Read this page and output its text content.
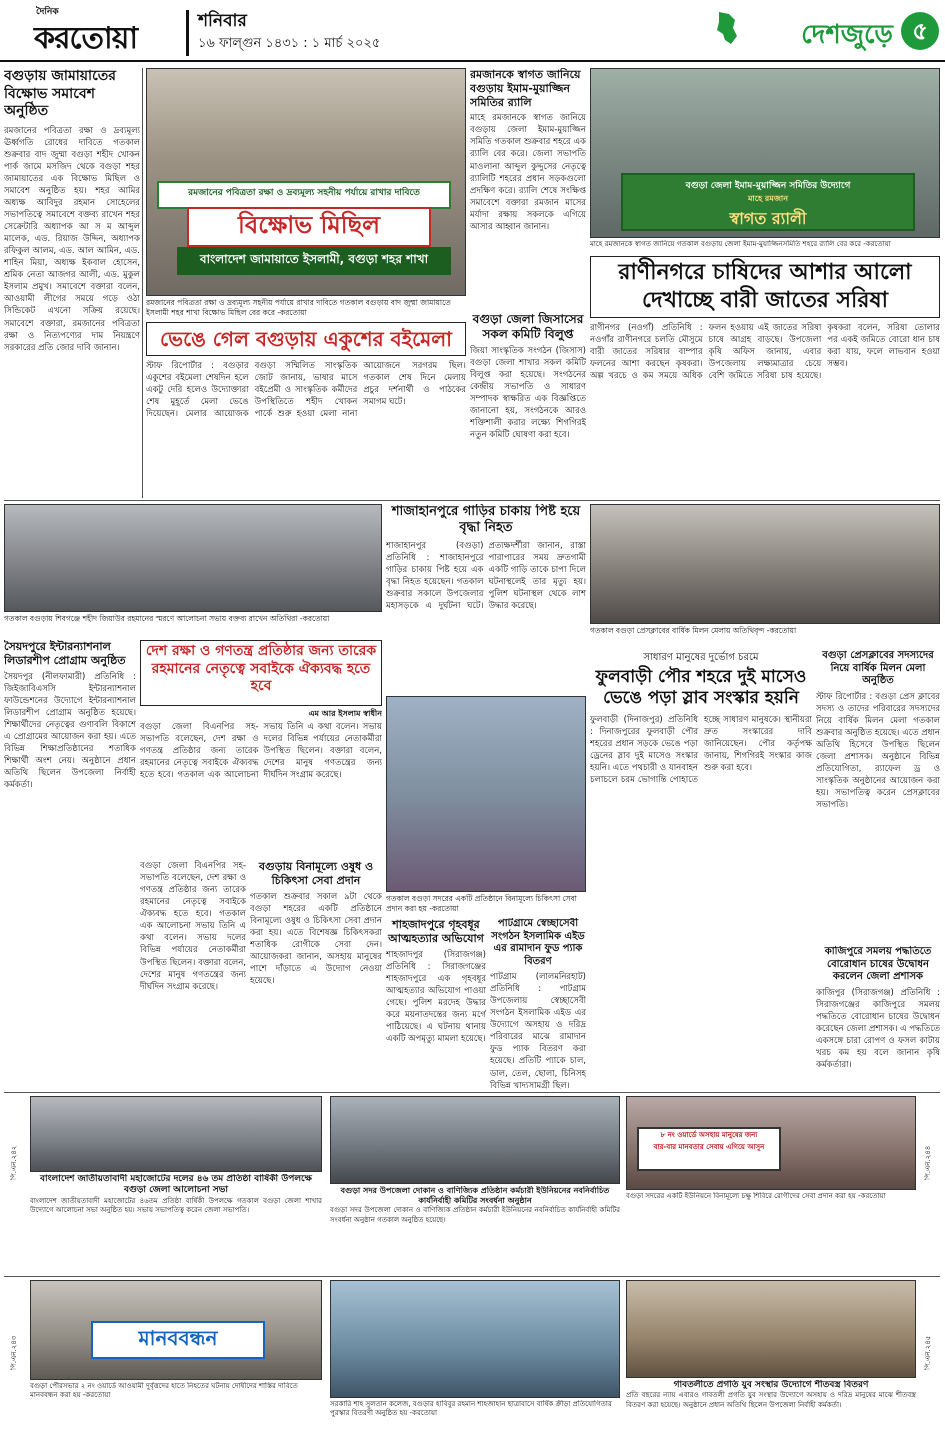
দৈনিক
করতোয়া	শনিবার
১৬ ফাল্গুন ১৪৩১ : ১ মার্চ ২০২৫	দেশজুড়ে ৫
বগুড়ায় জামায়াতের বিক্ষোভ সমাবেশ অনুষ্ঠিত
রমজানের পবিত্রতা রক্ষা ও দ্রব্যমূল্য ঊর্ধ্বগতি রোধের দাবিতে গতকাল শুক্রবার বাদ জুম্মা বগুড়া শহীদ খোকন পার্ক জামে মসজিদ থেকে বগুড়া শহর জামায়াতের এক বিক্ষোভ মিছিল ও সমাবেশ অনুষ্ঠিত হয়। শহর আমির অধ্যক্ষ আবিদুর রহমান সোহেলের সভাপতিত্বে সমাবেশে বক্তব্য রাখেন শহর সেক্রেটারি অধ্যাপক আ স ম আব্দুল মালেক, এড. রিয়াজ উদ্দিন, অধ্যাপক রফিকুল আলম, এড. আল আমিন, এড. শাহিন মিয়া, অধ্যক্ষ ইকবাল হোসেন, শ্রমিক নেতা আজগর আলী, এড. মুকুল ইসলাম প্রমুখ। সমাবেশে বক্তারা বলেন, আওয়ামী লীগের সময়ে গড়ে ওঠা সিন্ডিকেট এখনো সক্রিয় রয়েছে। সমাবেশে বক্তারা, রমজানের পবিত্রতা রক্ষা ও নিত্যপণ্যের দাম নিয়ন্ত্রণে সরকারের প্রতি জোর দাবি জানান।
রমজানের পবিত্রতা রক্ষা ও দ্রব্যমূল্য সহনীয় পর্যায়ে রাখার দাবিতে
বিক্ষোভ মিছিল
বাংলাদেশ জামায়াতে ইসলামী, বগুড়া শহর শাখা
রমজানের পবিত্রতা রক্ষা ও দ্রব্যমূল্য সহনীয় পর্যায়ে রাখার দাবিতে গতকাল বগুড়ায় বাদ জুম্মা জামায়াতে ইসলামী শহর শাখা বিক্ষোভ মিছিল বের করে -করতোয়া
রমজানকে স্বাগত জানিয়ে বগুড়ায় ইমাম-মুয়াজ্জিন সমিতির র‌্যালি
মাহে রমজানকে স্বাগত জানিয়ে বগুড়ায় জেলা ইমাম-মুয়াজ্জিন সমিতি গতকাল শুক্রবার শহরে এক র‌্যালি বের করে। জেলা সভাপতি মাওলানা আব্দুল কুদ্দুসের নেতৃত্বে র‌্যালিটি শহরের প্রধান সড়কগুলো প্রদক্ষিণ করে। র‌্যালি শেষে সংক্ষিপ্ত সমাবেশে বক্তারা রমজান মাসের মর্যাদা রক্ষায় সকলকে এগিয়ে আসার আহ্বান জানান।
বগুড়া জেলা ইমাম-মুয়াজ্জিন সমিতির উদ্যোগে
মাহে রমজান
স্বাগত র‌্যালী
মাহে রমজানকে স্বাগত জানিয়ে গতকাল বগুড়ায় জেলা ইমাম-মুয়াজ্জিনসমিতি শহরে র‌্যালি বের করে -করতোয়া
রাণীনগরে চাষিদের আশার আলো দেখাচ্ছে বারী জাতের সরিষা
রাণীনগর (নওগাঁ) প্রতিনিধি : নওগাঁর রাণীনগরে চলতি মৌসুমে বারী জাতের সরিষার বাম্পার ফলনের আশা করছেন কৃষকরা। অল্প খরচে ও কম সময়ে অধিক ফলন হওয়ায় এই জাতের সরিষা চাষে আগ্রহ বাড়ছে। উপজেলা কৃষি অফিস জানায়, এবার উপজেলায় লক্ষ্যমাত্রার চেয়ে বেশি জমিতে সরিষা চাষ হয়েছে। কৃষকরা বলেন, সরিষা তোলার পর একই জমিতে বোরো ধান চাষ করা যায়, ফলে লাভবান হওয়া সম্ভব।
ভেঙে গেল বগুড়ায় একুশের বইমেলা
স্টাফ রিপোর্টার : বগুড়ার একুশের বইমেলা শেষদিন হলে একটু দেরি হলেও উদ্যোক্তারা শেষ মুহূর্তে মেলা ভেঙে দিয়েছেন। মেলার আয়োজক বগুড়া সম্মিলিত সাংস্কৃতিক জোট জানায়, ভাষার মাসে বইপ্রেমী ও সাংস্কৃতিক কর্মীদের উপস্থিতিতে শহীদ খোকন পার্কে শুরু হওয়া মেলা নানা আয়োজনে সরগরম ছিল। গতকাল শেষ দিনে মেলায় প্রচুর দর্শনার্থী ও পাঠকের সমাগম ঘটে।
বগুড়া জেলা জিসাসের সকল কমিটি বিলুপ্ত
জিয়া সাংস্কৃতিক সংগঠন (জিসাস) বগুড়া জেলা শাখার সকল কমিটি বিলুপ্ত করা হয়েছে। সংগঠনের কেন্দ্রীয় সভাপতি ও সাধারণ সম্পাদক স্বাক্ষরিত এক বিজ্ঞপ্তিতে জানানো হয়, সংগঠনকে আরও শক্তিশালী করার লক্ষ্যে শিগগিরই নতুন কমিটি ঘোষণা করা হবে।
গতকাল বগুড়ায় শিবগঞ্জে শহীদ জিয়াউর রহমানের স্মরণে আলোচনা সভায় বক্তব্য রাখেন অতিথিরা -করতোয়া
শাজাহানপুরে গাড়ির চাকায় পিষ্ট হয়ে বৃদ্ধা নিহত
শাজাহানপুর (বগুড়া) প্রতিনিধি : শাজাহানপুরে গাড়ির চাকায় পিষ্ট হয়ে এক বৃদ্ধা নিহত হয়েছেন। গতকাল শুক্রবার সকালে উপজেলার মহাসড়কে এ দুর্ঘটনা ঘটে। প্রত্যক্ষদর্শীরা জানান, রাস্তা পারাপারের সময় দ্রুতগামী একটি গাড়ি তাকে চাপা দিলে ঘটনাস্থলেই তার মৃত্যু হয়। পুলিশ ঘটনাস্থল থেকে লাশ উদ্ধার করেছে।
গতকাল বগুড়া প্রেসক্লাবের বার্ষিক মিলন মেলায় অতিথিবৃন্দ -করতোয়া
সৈয়দপুরে ইন্টারন্যাশনাল লিডারশীপ প্রোগ্রাম অনুষ্ঠিত
সৈয়দপুর (নীলফামারী) প্রতিনিধি : জিইজাবিএসসি ইন্টারন্যাশনাল ফাউন্ডেশনের উদ্যোগে ইন্টারন্যাশনাল লিডারশীপ প্রোগ্রাম অনুষ্ঠিত হয়েছে। শিক্ষার্থীদের নেতৃত্বের গুণাবলি বিকাশে এ প্রোগ্রামের আয়োজন করা হয়। এতে বিভিন্ন শিক্ষাপ্রতিষ্ঠানের শতাধিক শিক্ষার্থী অংশ নেয়। অনুষ্ঠানে প্রধান অতিথি ছিলেন উপজেলা নির্বাহী কর্মকর্তা।
দেশ রক্ষা ও গণতন্ত্র প্রতিষ্ঠার জন্য তারেক রহমানের নেতৃত্বে সবাইকে ঐক্যবদ্ধ হতে হবে
এম আর ইসলাম স্বাধীন
বগুড়া জেলা বিএনপির সহ-সভাপতি বলেছেন, দেশ রক্ষা ও গণতন্ত্র প্রতিষ্ঠার জন্য তারেক রহমানের নেতৃত্বে সবাইকে ঐক্যবদ্ধ হতে হবে। গতকাল এক আলোচনা সভায় তিনি এ কথা বলেন। সভায় দলের বিভিন্ন পর্যায়ের নেতাকর্মীরা উপস্থিত ছিলেন। বক্তারা বলেন, দেশের মানুষ গণতন্ত্রের জন্য দীর্ঘদিন সংগ্রাম করেছে।
বগুড়ায় বিনামূল্যে ওষুধ ও চিকিৎসা সেবা প্রদান
গতকাল শুক্রবার সকাল ৯টা থেকে বগুড়া শহরের একটি প্রতিষ্ঠানে বিনামূল্যে ওষুধ ও চিকিৎসা সেবা প্রদান করা হয়। এতে বিশেষজ্ঞ চিকিৎসকরা শতাধিক রোগীকে সেবা দেন। আয়োজকরা জানান, অসহায় মানুষের পাশে দাঁড়াতে এ উদ্যোগ নেওয়া হয়েছে।
বগুড়া জেলা বিএনপির সহ-সভাপতি বলেছেন, দেশ রক্ষা ও গণতন্ত্র প্রতিষ্ঠার জন্য তারেক রহমানের নেতৃত্বে সবাইকে ঐক্যবদ্ধ হতে হবে। গতকাল এক আলোচনা সভায় তিনি এ কথা বলেন। সভায় দলের বিভিন্ন পর্যায়ের নেতাকর্মীরা উপস্থিত ছিলেন। বক্তারা বলেন, দেশের মানুষ গণতন্ত্রের জন্য দীর্ঘদিন সংগ্রাম করেছে।
গতকাল বগুড়া সদরের একটি প্রতিষ্ঠানে বিনামূল্যে চিকিৎসা সেবা প্রদান করা হয় -করতোয়া
সাধারণ মানুষের দুর্ভোগ চরমে
ফুলবাড়ী পৌর শহরে দুই মাসেও ভেঙে পড়া স্লাব সংস্কার হয়নি
ফুলবাড়ী (দিনাজপুর) প্রতিনিধি : দিনাজপুরের ফুলবাড়ী পৌর শহরের প্রধান সড়কে ভেঙে পড়া ড্রেনের স্লাব দুই মাসেও সংস্কার হয়নি। এতে পথচারী ও যানবাহন চলাচলে চরম ভোগান্তি পোহাতে হচ্ছে সাধারণ মানুষকে। স্থানীয়রা দ্রুত সংস্কারের দাবি জানিয়েছেন। পৌর কর্তৃপক্ষ জানায়, শিগগিরই সংস্কার কাজ শুরু করা হবে।
বগুড়া প্রেসক্লাবের সদস্যদের নিয়ে বার্ষিক মিলন মেলা অনুষ্ঠিত
স্টাফ রিপোর্টার : বগুড়া প্রেস ক্লাবের সদস্য ও তাদের পরিবারের সদস্যদের নিয়ে বার্ষিক মিলন মেলা গতকাল শুক্রবার অনুষ্ঠিত হয়েছে। এতে প্রধান অতিথি হিসেবে উপস্থিত ছিলেন জেলা প্রশাসক। অনুষ্ঠানে বিভিন্ন প্রতিযোগিতা, র‌্যাফেল ড্র ও সাংস্কৃতিক অনুষ্ঠানের আয়োজন করা হয়। সভাপতিত্ব করেন প্রেসক্লাবের সভাপতি।
কাজিপুরে সমলয় পদ্ধতিতে বোরোধান চাষের উদ্বোধন করলেন জেলা প্রশাসক
কাজিপুর (সিরাজগঞ্জ) প্রতিনিধি : সিরাজগঞ্জের কাজিপুরে সমলয় পদ্ধতিতে বোরোধান চাষের উদ্বোধন করেছেন জেলা প্রশাসক। এ পদ্ধতিতে একসঙ্গে চারা রোপণ ও ফসল কাটায় খরচ কম হয় বলে জানান কৃষি কর্মকর্তারা।
শাহজাদপুরে গৃহবধূর আত্মহত্যার অভিযোগ
শাহজাদপুর (সিরাজগঞ্জ) প্রতিনিধি : সিরাজগঞ্জের শাহজাদপুরে এক গৃহবধূর আত্মহত্যার অভিযোগ পাওয়া গেছে। পুলিশ মরদেহ উদ্ধার করে ময়নাতদন্তের জন্য মর্গে পাঠিয়েছে। এ ঘটনায় থানায় একটি অপমৃত্যু মামলা হয়েছে।
পাটগ্রামে স্বেচ্ছাসেবী সংগঠন ইসলামিক এইড এর রামাদান ফুড প্যাক বিতরণ
পাটগ্রাম (লালমনিরহাট) প্রতিনিধি : পাটগ্রাম উপজেলায় স্বেচ্ছাসেবী সংগঠন ইসলামিক এইড এর উদ্যোগে অসহায় ও দরিদ্র পরিবারের মাঝে রামাদান ফুড প্যাক বিতরণ করা হয়েছে। প্রতিটি প্যাকে চাল, ডাল, তেল, ছোলা, চিনিসহ বিভিন্ন খাদ্যসামগ্রী ছিল।
বাংলাদেশ জাতীয়তাবাদী মহাজোটের দলের ৪৬ তম প্রতিষ্ঠা বার্ষিকী উপলক্ষে বগুড়া জেলা আলোচনা সভা
বাংলাদেশ জাতীয়তাবাদী মহাজোটের ৪৬তম প্রতিষ্ঠা বার্ষিকী উপলক্ষে গতকাল বগুড়া জেলা শাখার উদ্যোগে আলোচনা সভা অনুষ্ঠিত হয়। সভায় সভাপতিত্ব করেন জেলা সভাপতি।
বগুড়া সদর উপজেলা দোকান ও বাণিজ্যিক প্রতিষ্ঠান কর্মচারী ইউনিয়নের নবনির্বাচিত কার্যনির্বাহী কমিটির সংবর্ধনা অনুষ্ঠান
বগুড়া সদর উপজেলা দোকান ও বাণিজ্যিক প্রতিষ্ঠান কর্মচারী ইউনিয়নের নবনির্বাচিত কার্যনির্বাহী কমিটির সংবর্ধনা অনুষ্ঠান গতকাল অনুষ্ঠিত হয়েছে।
৮ নং ওয়ার্ডে অসহায় মানুষের জন্য
বার-বার মানবতার সেবায় এগিয়ে আসুন
বগুড়া সদরের একটি ইউনিয়নে বিনামূল্যে চক্ষু শিবিরে রোগীদের সেবা প্রদান করা হয় -করতোয়া
মানববন্ধন
বগুড়া পৌরসভার ২ নং ওয়ার্ডে আওয়ামী দুর্বৃত্তদের হাতে নিহতের ঘটনায় দোষীদের শাস্তির দাবিতে মানববন্ধন করা হয় -করতোয়া
সরকারি শাহ সুলতান কলেজ, বগুড়ার হাবিবুর রহমান শাহজাহান ছাত্রাবাসে বার্ষিক ক্রীড়া প্রতিযোগিতার পুরস্কার বিতরণী অনুষ্ঠিত হয় -করতোয়া
গাবতলীতে প্রগতি যুব সংস্থার উদ্যোগে শীতবস্ত্র বিতরণ
প্রতি বছরের ন্যায় এবারও গাবতলী প্রগতি যুব সংস্থার উদ্যোগে অসহায় ও দরিদ্র মানুষের মাঝে শীতবস্ত্র বিতরণ করা হয়েছে। অনুষ্ঠানে প্রধান অতিথি ছিলেন উপজেলা নির্বাহী কর্মকর্তা।
পি.এন.২৪২
পি.এন.২৪৩
পি.এন.২৪৪
পি.এন.২৪৫
